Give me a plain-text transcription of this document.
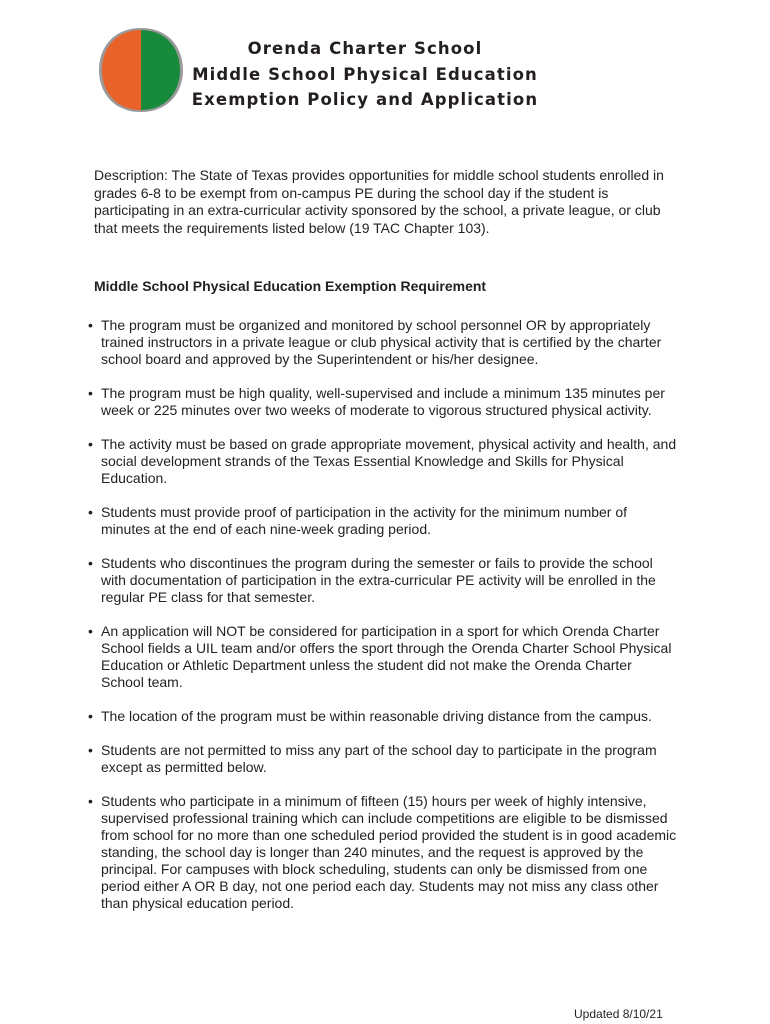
Orenda Charter School
Middle School Physical Education
Exemption Policy and Application

Description: The State of Texas provides opportunities for middle school students enrolled in grades 6-8 to be exempt from on-campus PE during the school day if the student is participating in an extra-curricular activity sponsored by the school, a private league, or club that meets the requirements listed below (19 TAC Chapter 103).

Middle School Physical Education Exemption Requirement
• The program must be organized and monitored by school personnel OR by appropriately trained instructors in a private league or club physical activity that is certified by the charter school board and approved by the Superintendent or his/her designee.
• The program must be high quality, well-supervised and include a minimum 135 minutes per week or 225 minutes over two weeks of moderate to vigorous structured physical activity.
• The activity must be based on grade appropriate movement, physical activity and health, and social development strands of the Texas Essential Knowledge and Skills for Physical Education.
• Students must provide proof of participation in the activity for the minimum number of minutes at the end of each nine-week grading period.
• Students who discontinues the program during the semester or fails to provide the school with documentation of participation in the extra-curricular PE activity will be enrolled in the regular PE class for that semester.
• An application will NOT be considered for participation in a sport for which Orenda Charter School fields a UIL team and/or offers the sport through the Orenda Charter School Physical Education or Athletic Department unless the student did not make the Orenda Charter School team.
• The location of the program must be within reasonable driving distance from the campus.
• Students are not permitted to miss any part of the school day to participate in the program except as permitted below.
• Students who participate in a minimum of fifteen (15) hours per week of highly intensive, supervised professional training which can include competitions are eligible to be dismissed from school for no more than one scheduled period provided the student is in good academic standing, the school day is longer than 240 minutes, and the request is approved by the principal. For campuses with block scheduling, students can only be dismissed from one period either A OR B day, not one period each day. Students may not miss any class other than physical education period.
Updated 8/10/21
